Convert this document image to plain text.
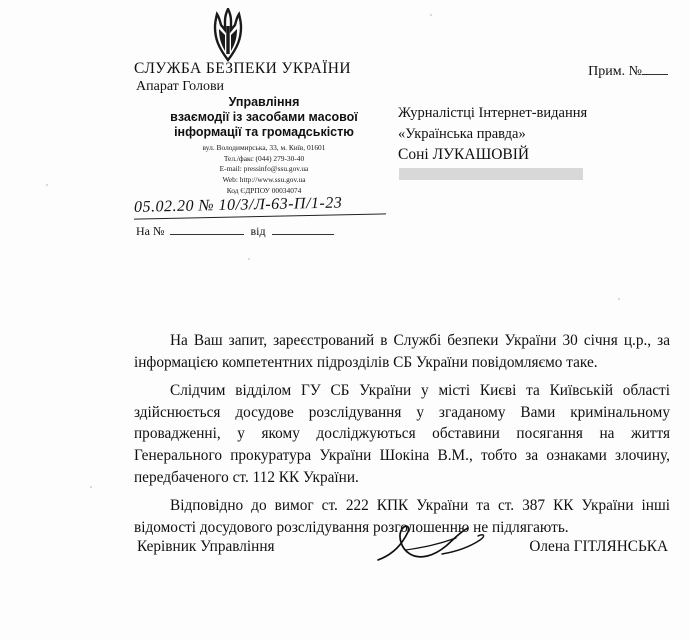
СЛУЖБА БЕЗПЕКИ УКРАЇНИ
Апарат Голови
Управління
взаємодії із засобами масової
інформації та громадськістю
вул. Володимирська, 33, м. Київ, 01601
Тел./факс (044) 279-30-40
E-mail: pressinfo@ssu.gov.ua
Web: http://www.ssu.gov.ua
Код ЄДРПОУ 00034074
05.02.20 № 10/3/Л-63-П/1-23
На №	від
Прим. №
Журналістці Інтернет-видання
«Українська правда»
Соні ЛУКАШОВІЙ

На Ваш запит, зареєстрований в Службі безпеки України 30 січня ц.р., за інформацією компетентних підрозділів СБ України повідомляємо таке.

Слідчим відділом ГУ СБ України у місті Києві та Київській області здійснюється досудове розслідування у згаданому Вами кримінальному провадженні, у якому досліджуються обставини посягання на життя Генерального прокуратура України Шокіна В.М., тобто за ознаками злочину, передбаченого ст. 112 КК України.

Відповідно до вимог ст. 222 КПК України та ст. 387 КК України інші відомості досудового розслідування розголошенню не підлягають.

Керівник Управління	Олена ГІТЛЯНСЬКА
